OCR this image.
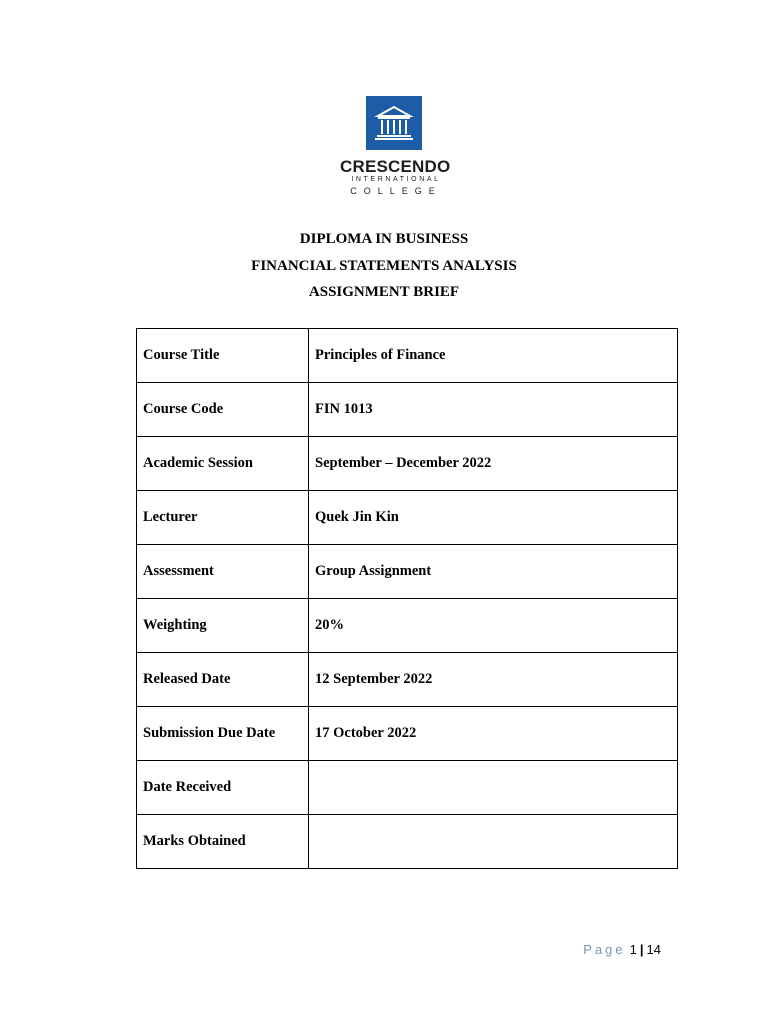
CRESCENDO
INTERNATIONAL
COLLEGE
DIPLOMA IN BUSINESS
FINANCIAL STATEMENTS ANALYSIS
ASSIGNMENT BRIEF
Course Title	Principles of Finance
Course Code	FIN 1013
Academic Session	September – December 2022
Lecturer	Quek Jin Kin
Assessment	Group Assignment
Weighting	20%
Released Date	12 September 2022
Submission Due Date	17 October 2022
Date Received	
Marks Obtained	
Page 1 | 14
